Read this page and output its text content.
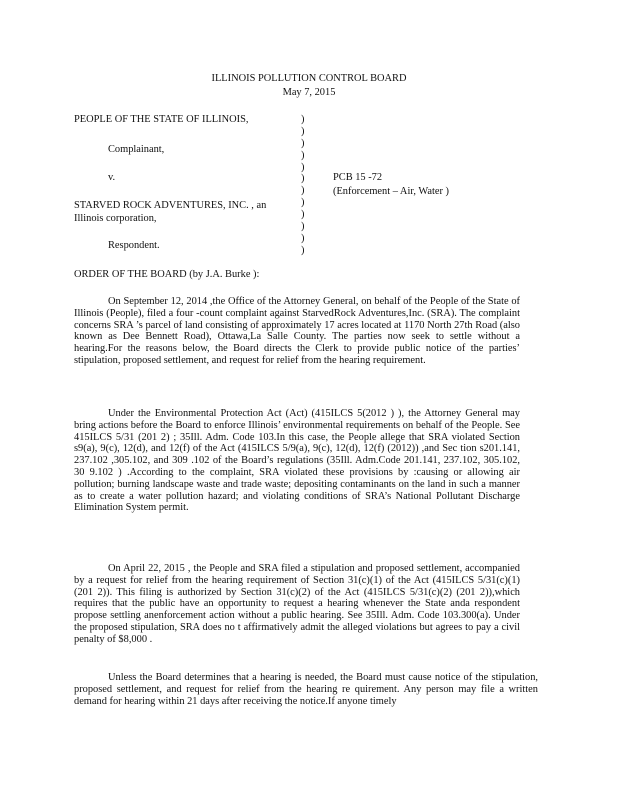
ILLINOIS POLLUTION CONTROL BOARD
May 7, 2015
PEOPLE OF THE STATE OF ILLINOIS,
Complainant,
v.
STARVED ROCK ADVENTURES, INC. , an
Illinois corporation,
Respondent.
)
)
)
)
)
)
)
)
)
)
)
)
PCB 15 -72
(Enforcement – Air, Water )
ORDER OF THE BOARD (by J.A. Burke ):
On September 12, 2014 ,the Office of the Attorney General, on behalf of the People of the State of Illinois (People), filed a four -count complaint against StarvedRock Adventures,Inc. (SRA). The complaint concerns SRA ’s parcel of land consisting of approximately 17 acres located at 1170 North 27th Road (also known as Dee Bennett Road), Ottawa,La Salle County. The parties now seek to settle without a hearing.For the reasons below, the Board directs the Clerk to provide public notice of the parties’ stipulation, proposed settlement, and request for relief from the hearing requirement.
Under the Environmental Protection Act (Act) (415ILCS 5(2012 ) ), the Attorney General may bring actions before the Board to enforce Illinois’ environmental requirements on behalf of the People. See 415ILCS 5/31 (201 2) ; 35Ill. Adm. Code 103.In this case, the People allege that SRA violated Section s9(a), 9(c), 12(d), and 12(f) of the Act (415ILCS 5/9(a), 9(c), 12(d), 12(f) (2012)) ,and Sec tion s201.141, 237.102 ,305.102, and 309 .102 of the Board’s regulations (35Ill. Adm.Code 201.141, 237.102, 305.102, 30 9.102 ) .According to the complaint, SRA violated these provisions by :causing or allowing air pollution; burning landscape waste and trade waste; depositing contaminants on the land in such a manner as to create a water pollution hazard; and violating conditions of SRA’s National Pollutant Discharge Elimination System permit.
On April 22, 2015 , the People and SRA filed a stipulation and proposed settlement, accompanied by a request for relief from the hearing requirement of Section 31(c)(1) of the Act (415ILCS 5/31(c)(1) (201 2)). This filing is authorized by Section 31(c)(2) of the Act (415ILCS 5/31(c)(2) (201 2)),which requires that the public have an opportunity to request a hearing whenever the State anda respondent propose settling anenforcement action without a public hearing. See 35Ill. Adm. Code 103.300(a). Under the proposed stipulation, SRA does no t affirmatively admit the alleged violations but agrees to pay a civil penalty of $8,000 .
Unless the Board determines that a hearing is needed, the Board must cause notice of the stipulation, proposed settlement, and request for relief from the hearing re quirement. Any person may file a written demand for hearing within 21 days after receiving the notice.If anyone timely
